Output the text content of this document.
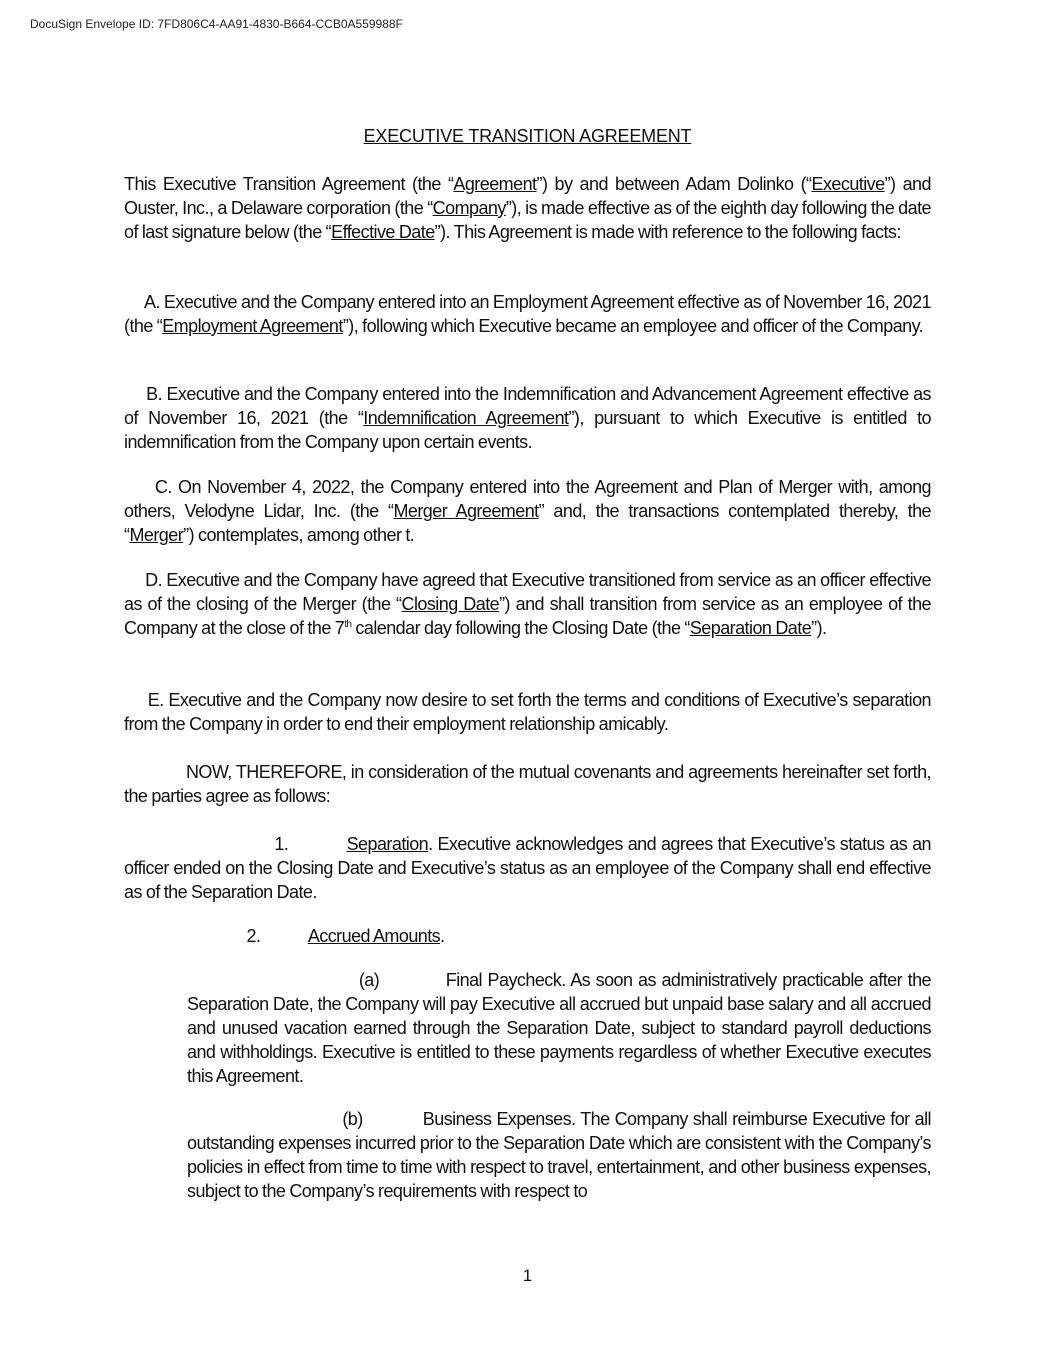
DocuSign Envelope ID: 7FD806C4-AA91-4830-B664-CCB0A559988F
EXECUTIVE TRANSITION AGREEMENT
This Executive Transition Agreement (the “Agreement”) by and between Adam Dolinko (“Executive”) and Ouster, Inc., a Delaware corporation (the “Company”), is made effective as of the eighth day following the date of last signature below (the “Effective Date”). This Agreement is made with reference to the following facts:
A. Executive and the Company entered into an Employment Agreement effective as of November 16, 2021 (the “Employment Agreement”), following which Executive became an employee and officer of the Company.
B. Executive and the Company entered into the Indemnification and Advancement Agreement effective as of November 16, 2021 (the “Indemnification Agreement”), pursuant to which Executive is entitled to indemnification from the Company upon certain events.
C. On November 4, 2022, the Company entered into the Agreement and Plan of Merger with, among others, Velodyne Lidar, Inc. (the “Merger Agreement” and, the transactions contemplated thereby, the “Merger”) contemplates, among other t.
D. Executive and the Company have agreed that Executive transitioned from service as an officer effective as of the closing of the Merger (the “Closing Date”) and shall transition from service as an employee of the Company at the close of the 7th calendar day following the Closing Date (the “Separation Date”).
E. Executive and the Company now desire to set forth the terms and conditions of Executive’s separation from the Company in order to end their employment relationship amicably.
NOW, THEREFORE, in consideration of the mutual covenants and agreements hereinafter set forth, the parties agree as follows:
1.            Separation. Executive acknowledges and agrees that Executive’s status as an officer ended on the Closing Date and Executive’s status as an employee of the Company shall end effective as of the Separation Date.
2.            Accrued Amounts.
(a)            Final Paycheck. As soon as administratively practicable after the Separation Date, the Company will pay Executive all accrued but unpaid base salary and all accrued and unused vacation earned through the Separation Date, subject to standard payroll deductions and withholdings. Executive is entitled to these payments regardless of whether Executive executes this Agreement.
(b)            Business Expenses. The Company shall reimburse Executive for all outstanding expenses incurred prior to the Separation Date which are consistent with the Company’s policies in effect from time to time with respect to travel, entertainment, and other business expenses, subject to the Company’s requirements with respect to
1
